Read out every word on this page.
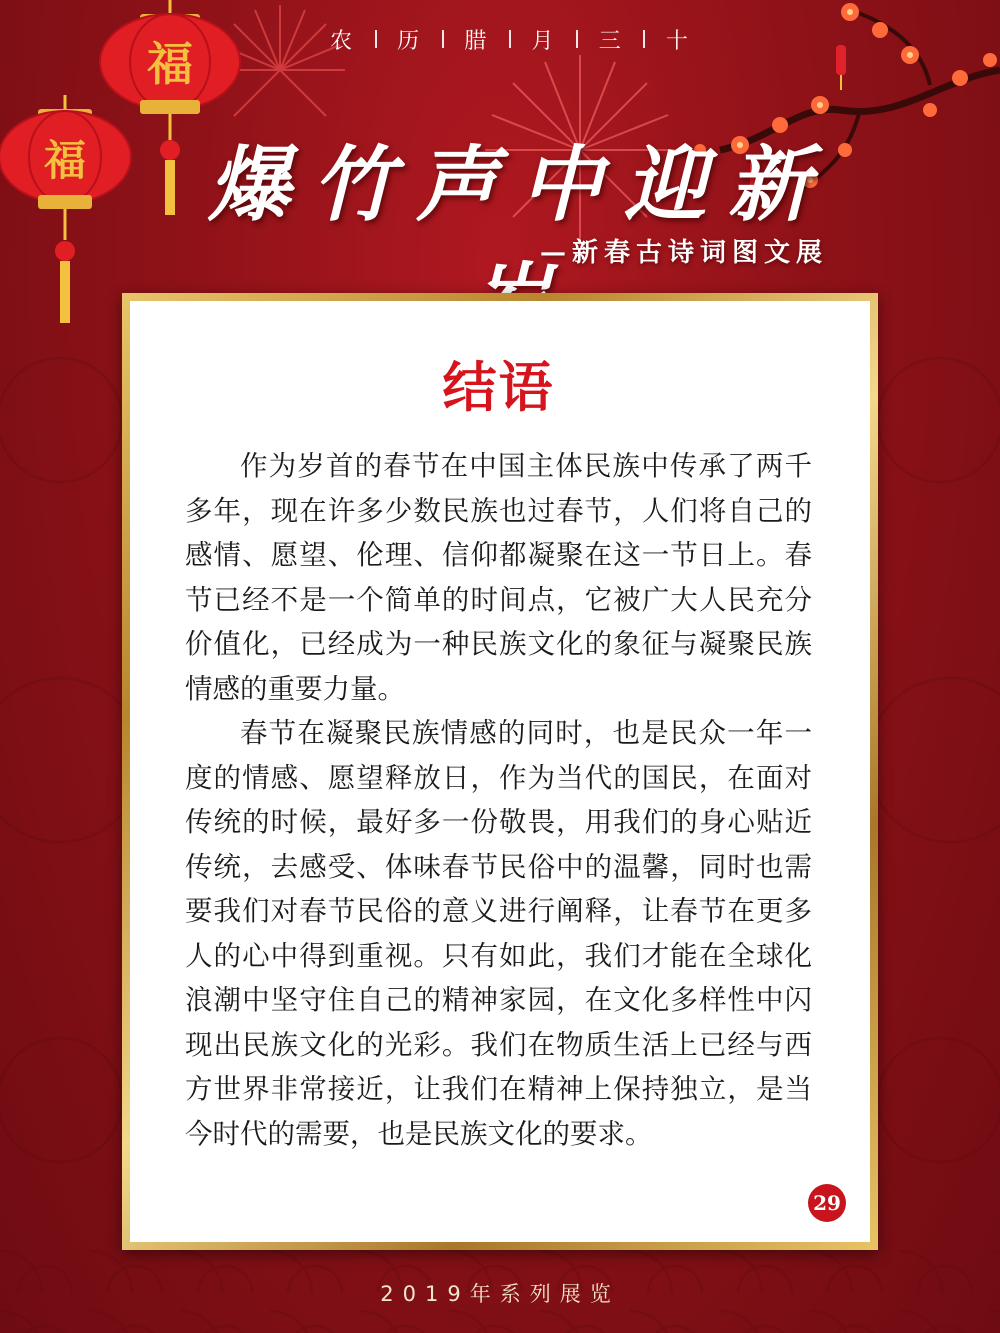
福
福
农 历 腊 月 三 十
爆竹声中迎新
—新春古诗词图文展
结语

作为岁首的春节在中国主体民族中传承了两千多年，现在许多少数民族也过春节，人们将自己的感情、愿望、伦理、信仰都凝聚在这一节日上。春节已经不是一个简单的时间点，它被广大人民充分价值化，已经成为一种民族文化的象征与凝聚民族情感的重要力量。

春节在凝聚民族情感的同时，也是民众一年一度的情感、愿望释放日，作为当代的国民，在面对传统的时候，最好多一份敬畏，用我们的身心贴近传统，去感受、体味春节民俗中的温馨，同时也需要我们对春节民俗的意义进行阐释，让春节在更多人的心中得到重视。只有如此，我们才能在全球化浪潮中坚守住自己的精神家园，在文化多样性中闪现出民族文化的光彩。我们在物质生活上已经与西方世界非常接近，让我们在精神上保持独立，是当今时代的需要，也是民族文化的要求。

29
2019年系列展览
